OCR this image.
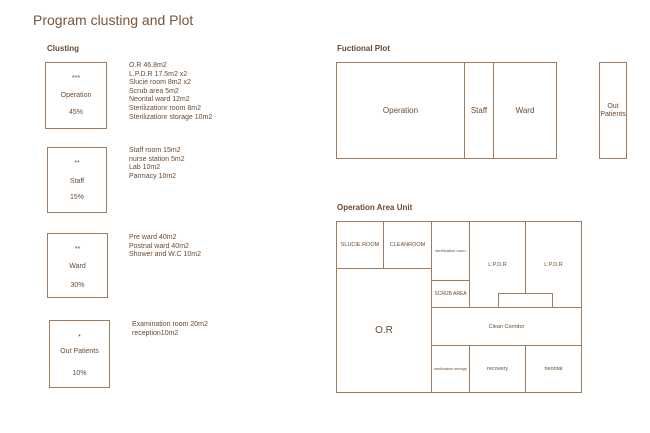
Program clusting and Plot
Clusting
***
Operation
45%
O.R 46.8m2
L.P.D.R 17.5m2 x2
Slucie room 8m2 x2
Scrub area 5m2
Neontal ward 12m2
Sterilizationr room 8m2
Sterilizationr storage 10m2
**
Staff
15%
Staff room 15m2
nurse station 5m2
Lab 10m2
Parmacy 10m2
**
Ward
30%
Pre ward 40m2
Postnal ward 40m2
Shower and W.C 10m2
*
Out Patients
10%
Examination room 20m2
reception10m2
Fuctional Plot
Operation	Staff	Ward	Out Patients
Operation Area Unit
SLUCIE ROOM CLEANROOM
sterilization room
L.P.D.R	L.P.D.R
SCRUB AREA
O.R	Clean Corridor
sterilization storage	recovery	neontal
